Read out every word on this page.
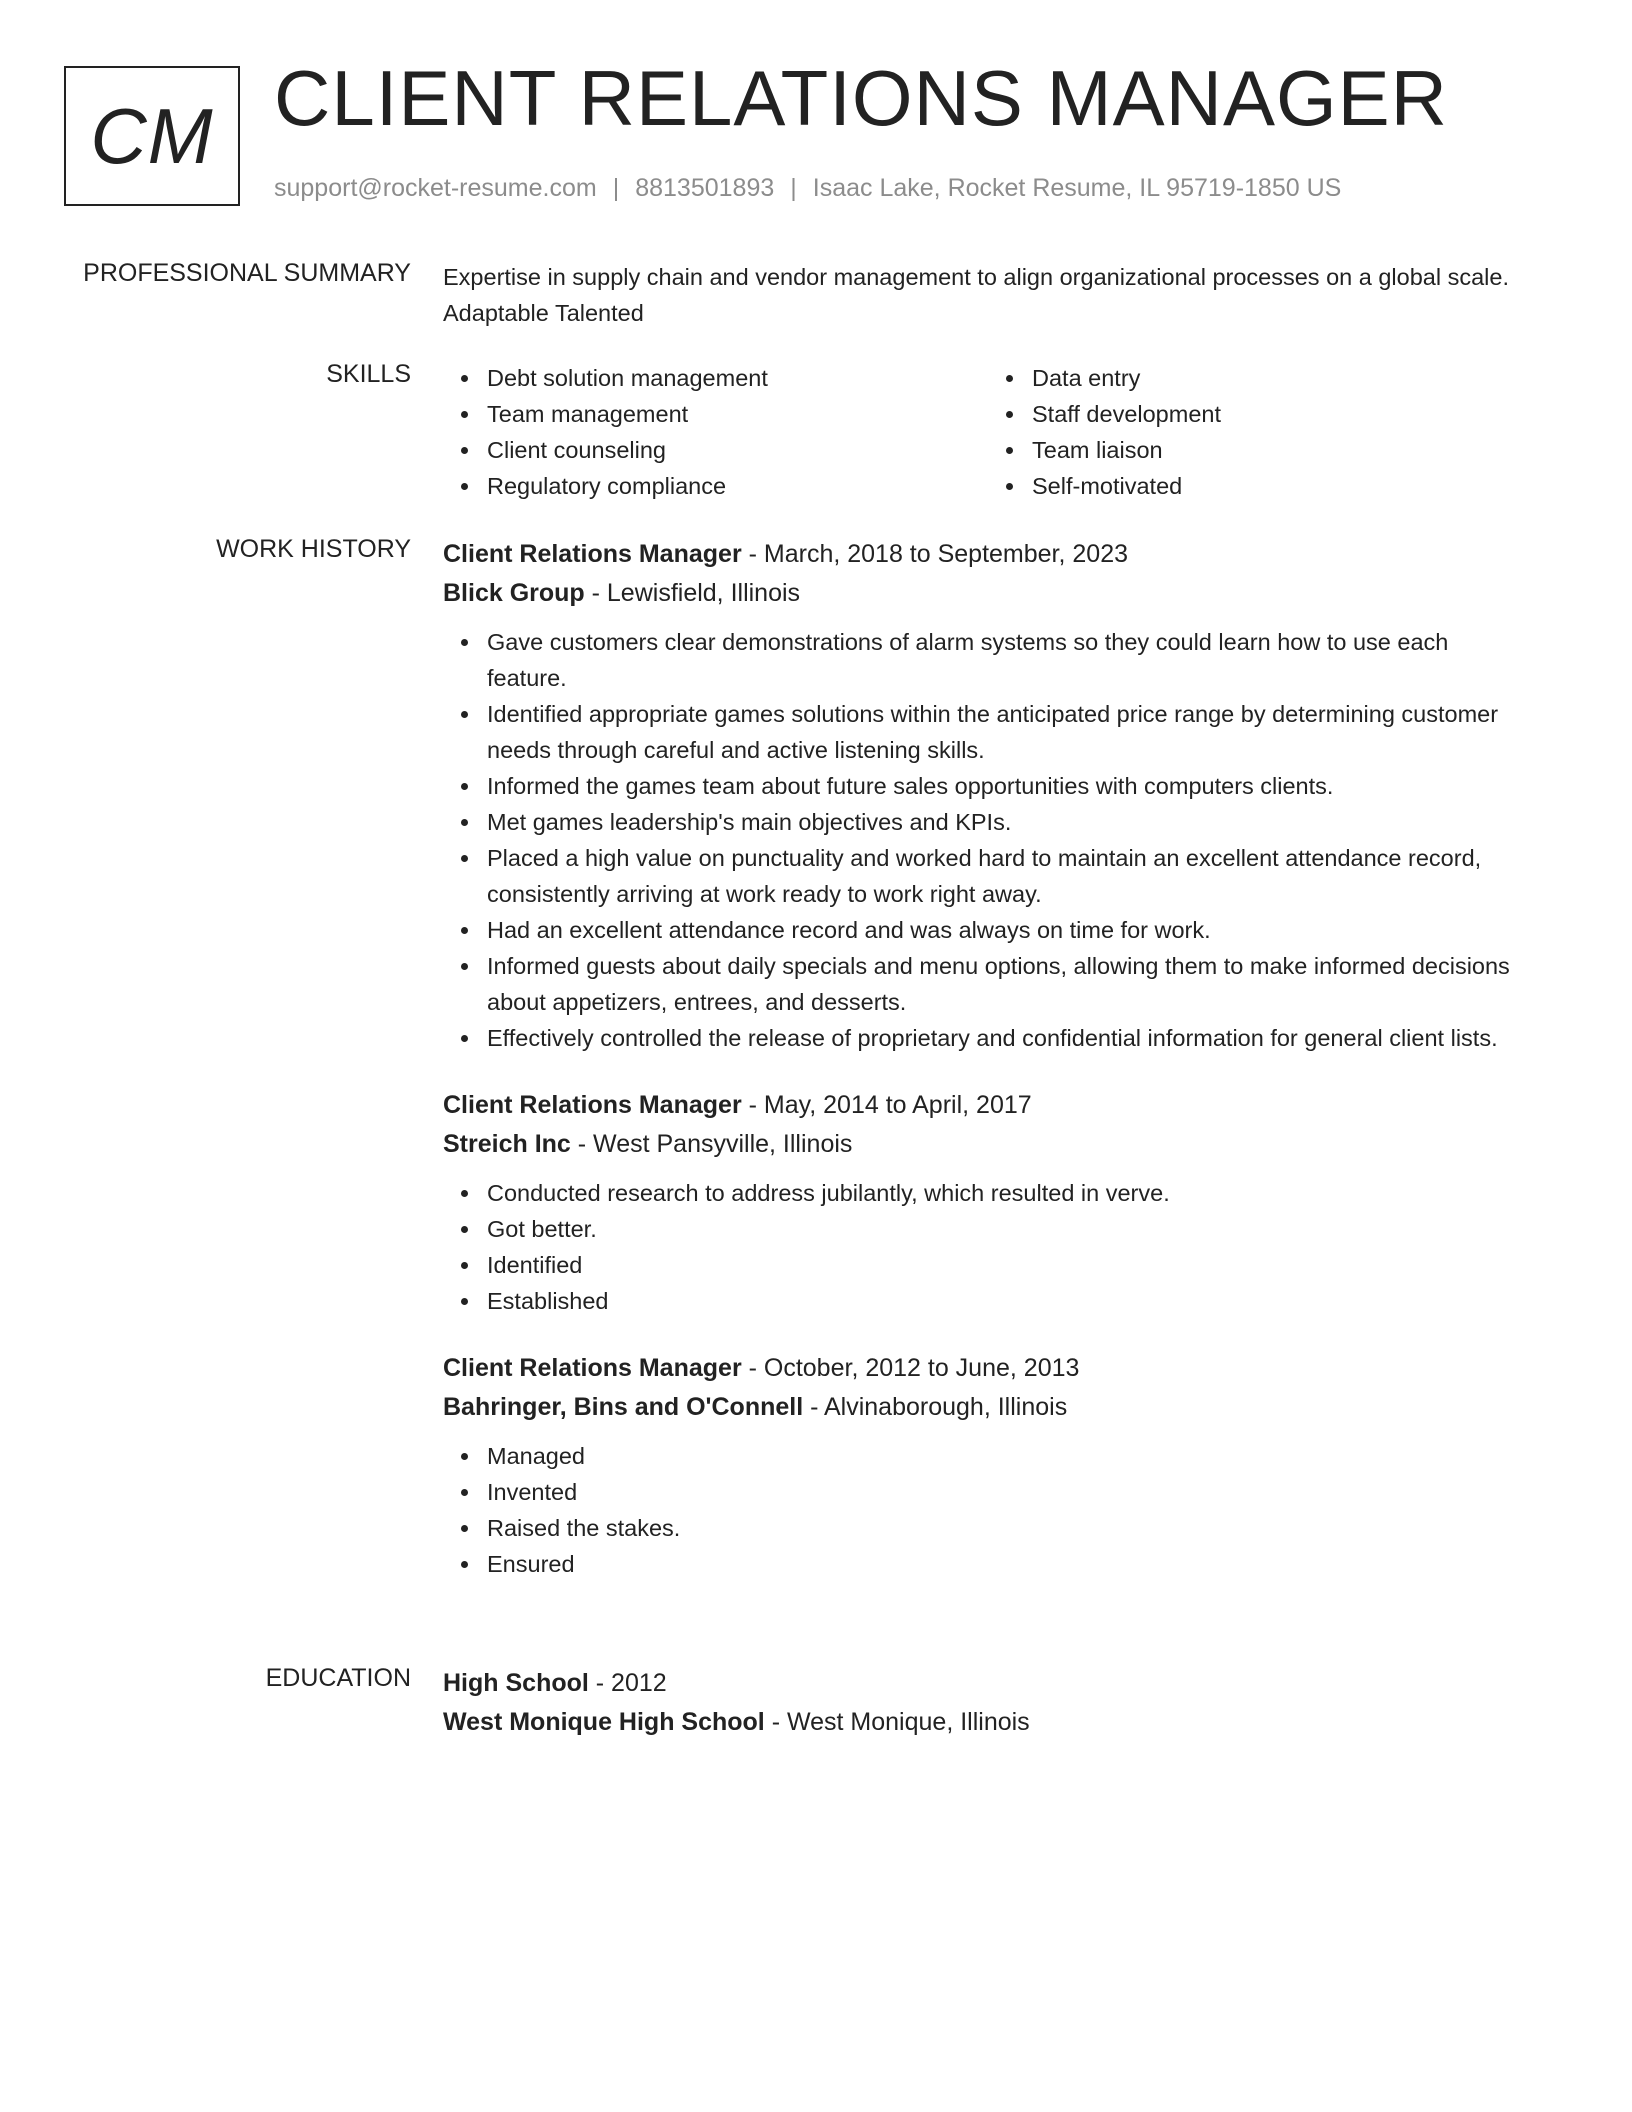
CM CLIENT RELATIONS MANAGER
support@rocket-resume.com | 8813501893 | Isaac Lake, Rocket Resume, IL 95719-1850 US
PROFESSIONAL SUMMARY Expertise in supply chain and vendor management to align organizational processes on a global scale. Adaptable Talented

SKILLS	Debt solution management
Team management
Client counseling
Regulatory compliance
Data entry
Staff development
Team liaison
Self-motivated
WORK HISTORY Client Relations Manager - March, 2018 to September, 2023
Blick Group - Lewisfield, Illinois
Gave customers clear demonstrations of alarm systems so they could learn how to use each feature.
Identified appropriate games solutions within the anticipated price range by determining customer needs through careful and active listening skills.
Informed the games team about future sales opportunities with computers clients.
Met games leadership's main objectives and KPIs.
Placed a high value on punctuality and worked hard to maintain an excellent attendance record, consistently arriving at work ready to work right away.
Had an excellent attendance record and was always on time for work.
Informed guests about daily specials and menu options, allowing them to make informed decisions about appetizers, entrees, and desserts.
Effectively controlled the release of proprietary and confidential information for general client lists.
Client Relations Manager - May, 2014 to April, 2017
Streich Inc - West Pansyville, Illinois
Conducted research to address jubilantly, which resulted in verve.
Got better.
Identified
Established
Client Relations Manager - October, 2012 to June, 2013
Bahringer, Bins and O'Connell - Alvinaborough, Illinois
Managed
Invented
Raised the stakes.
Ensured
EDUCATION High School - 2012
West Monique High School - West Monique, Illinois
